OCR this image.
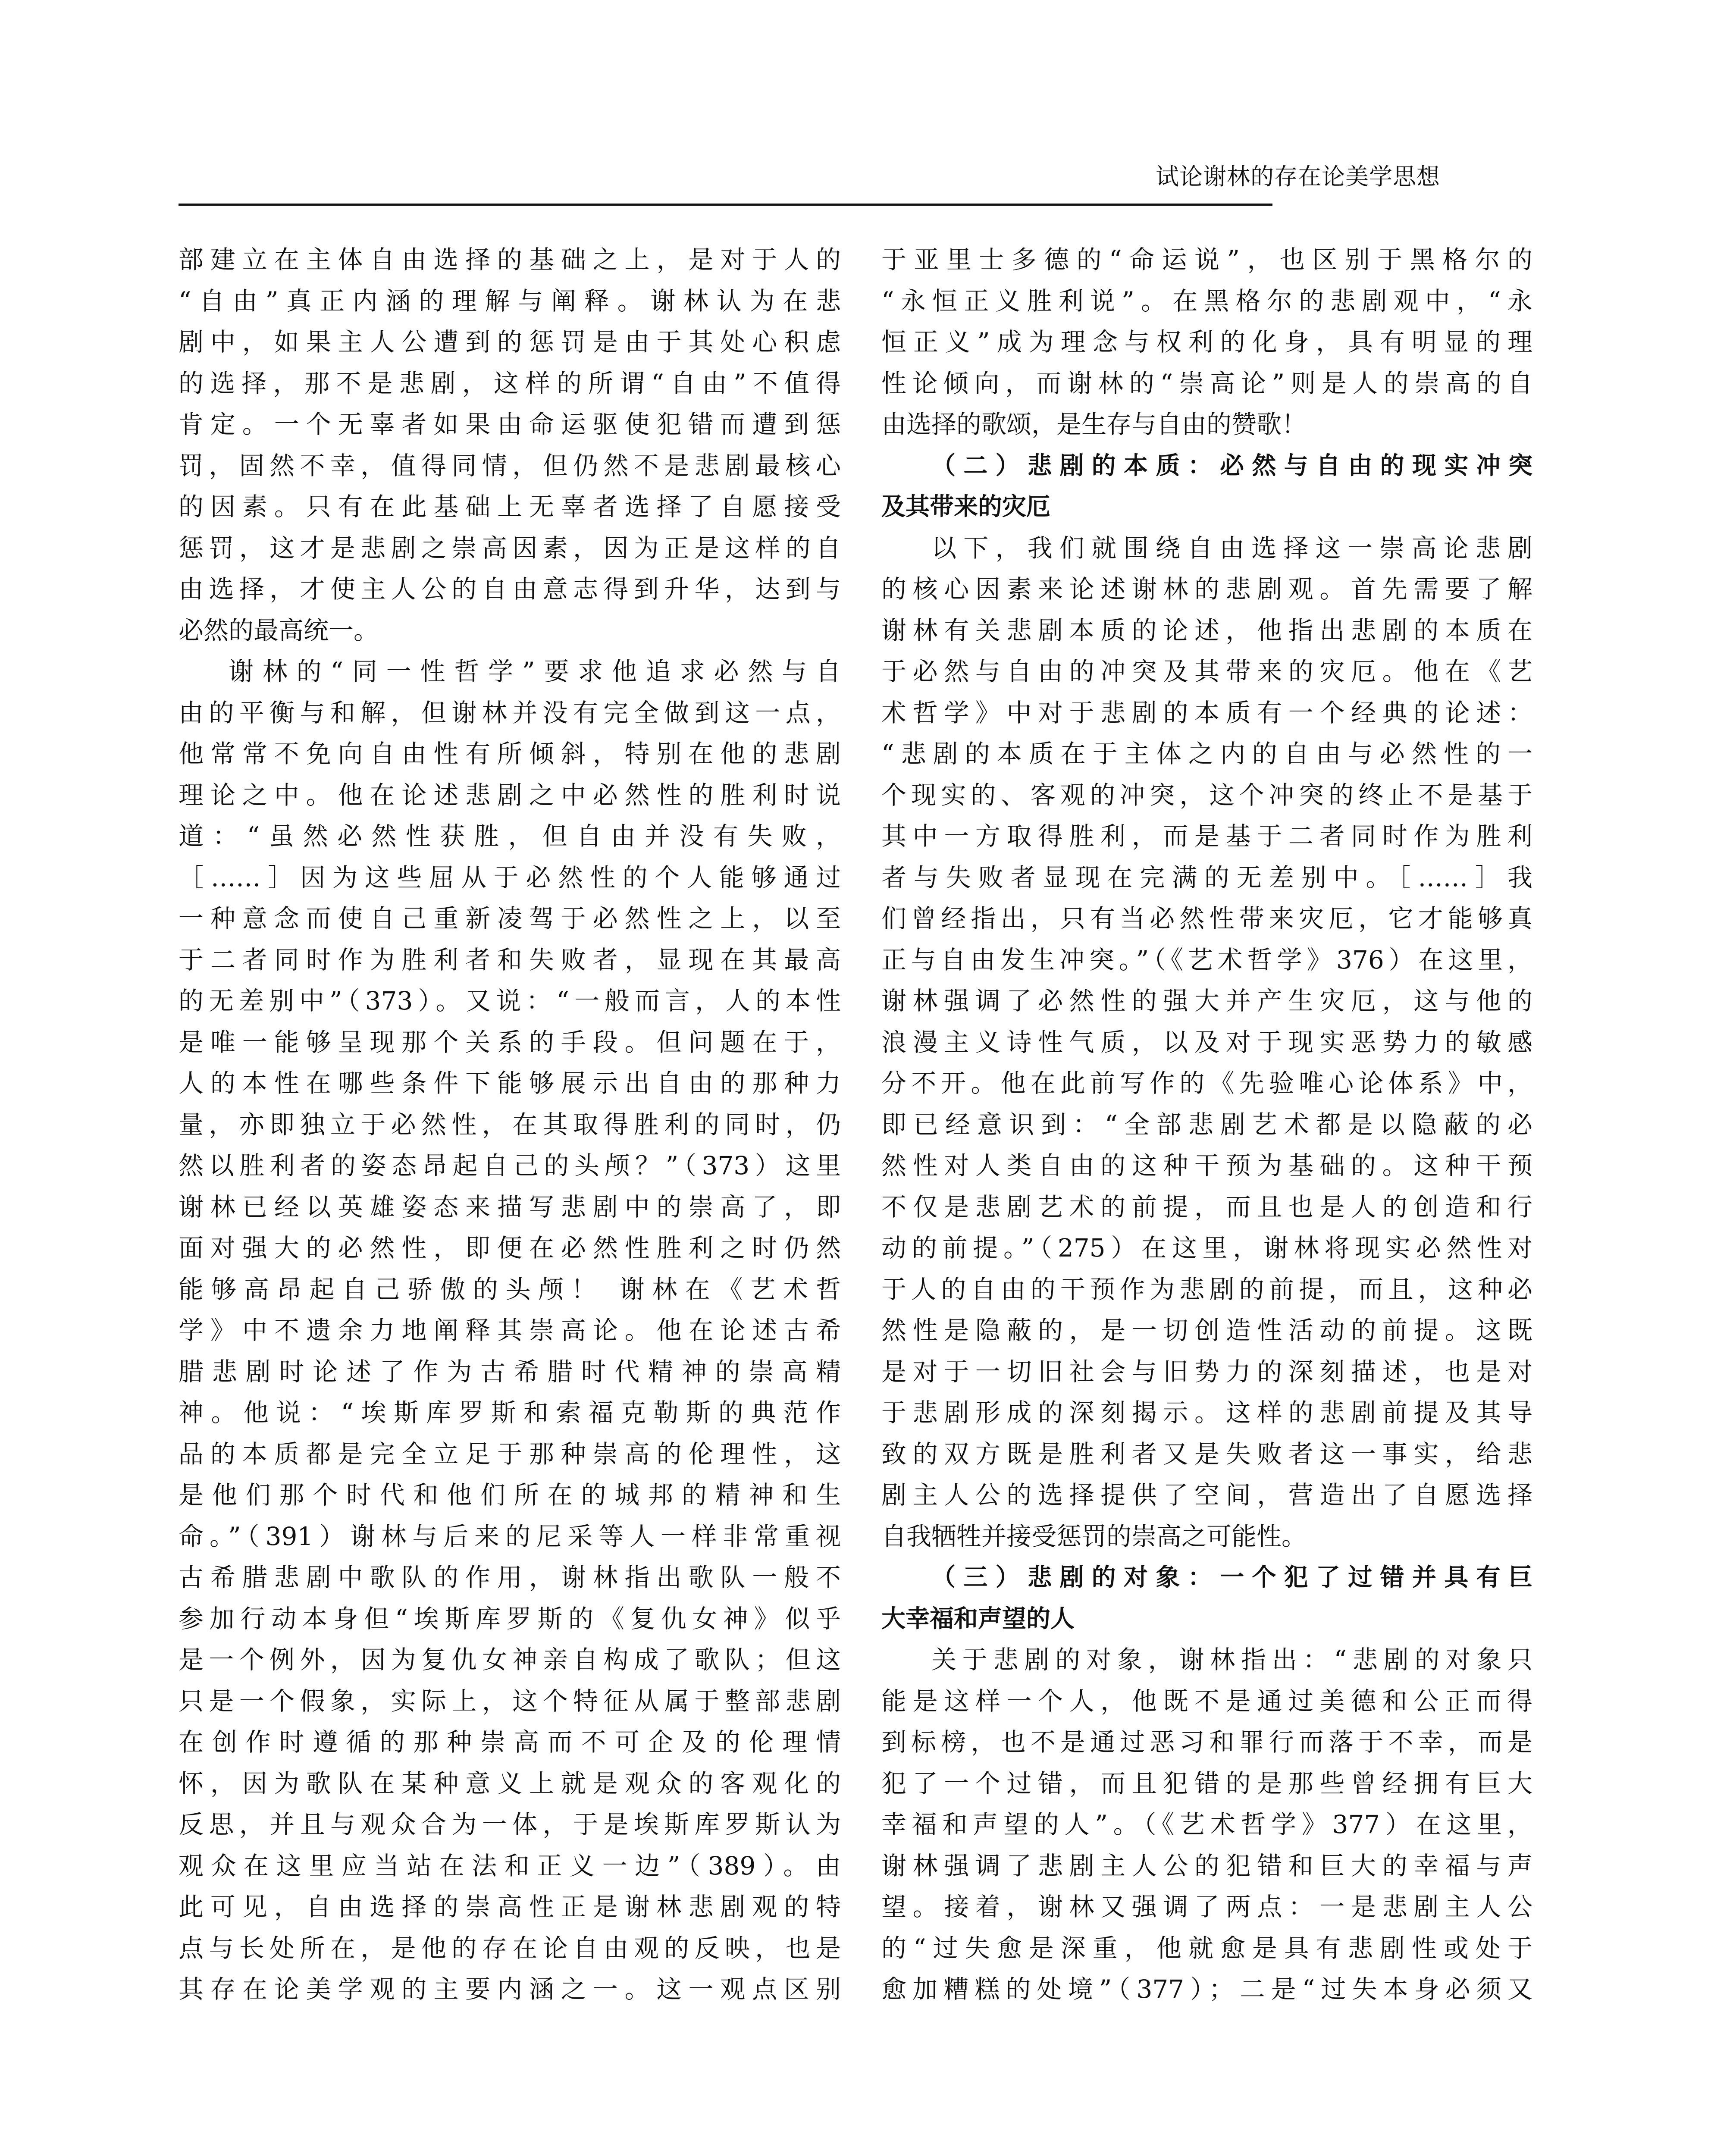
试论谢林的存在论美学思想
部建立在主体自由选择的基础之上，是对于人的
“自由”真正内涵的理解与阐释。谢林认为在悲
剧中，如果主人公遭到的惩罚是由于其处心积虑
的选择，那不是悲剧，这样的所谓“自由”不值得
肯定。一个无辜者如果由命运驱使犯错而遭到惩
罚，固然不幸，值得同情，但仍然不是悲剧最核心
的因素。只有在此基础上无辜者选择了自愿接受
惩罚，这才是悲剧之崇高因素，因为正是这样的自
由选择，才使主人公的自由意志得到升华，达到与
必然的最高统一。
谢林的“同一性哲学”要求他追求必然与自
由的平衡与和解，但谢林并没有完全做到这一点，
他常常不免向自由性有所倾斜，特别在他的悲剧
理论之中。他在论述悲剧之中必然性的胜利时说
道：“虽然必然性获胜，但自由并没有失败，
［……］因为这些屈从于必然性的个人能够通过
一种意念而使自己重新凌驾于必然性之上，以至
于二者同时作为胜利者和失败者，显现在其最高
的无差别中”（373）。又说：“一般而言，人的本性
是唯一能够呈现那个关系的手段。但问题在于，
人的本性在哪些条件下能够展示出自由的那种力
量，亦即独立于必然性，在其取得胜利的同时，仍
然以胜利者的姿态昂起自己的头颅？”（373）这里
谢林已经以英雄姿态来描写悲剧中的崇高了，即
面对强大的必然性，即便在必然性胜利之时仍然
能够高昂起自己骄傲的头颅！ 谢林在《艺术哲
学》中不遗余力地阐释其崇高论。他在论述古希
腊悲剧时论述了作为古希腊时代精神的崇高精
神。他说：“埃斯库罗斯和索福克勒斯的典范作
品的本质都是完全立足于那种崇高的伦理性，这
是他们那个时代和他们所在的城邦的精神和生
命。”（391）谢林与后来的尼采等人一样非常重视
古希腊悲剧中歌队的作用，谢林指出歌队一般不
参加行动本身但“埃斯库罗斯的《复仇女神》似乎
是一个例外，因为复仇女神亲自构成了歌队；但这
只是一个假象，实际上，这个特征从属于整部悲剧
在创作时遵循的那种崇高而不可企及的伦理情
怀，因为歌队在某种意义上就是观众的客观化的
反思，并且与观众合为一体，于是埃斯库罗斯认为
观众在这里应当站在法和正义一边”（389）。由
此可见，自由选择的崇高性正是谢林悲剧观的特
点与长处所在，是他的存在论自由观的反映，也是
其存在论美学观的主要内涵之一。这一观点区别
于亚里士多德的“命运说”，也区别于黑格尔的
“永恒正义胜利说”。在黑格尔的悲剧观中，“永
恒正义”成为理念与权利的化身，具有明显的理
性论倾向，而谢林的“崇高论”则是人的崇高的自
由选择的歌颂，是生存与自由的赞歌！
（二）悲剧的本质：必然与自由的现实冲突
及其带来的灾厄
以下，我们就围绕自由选择这一崇高论悲剧
的核心因素来论述谢林的悲剧观。首先需要了解
谢林有关悲剧本质的论述，他指出悲剧的本质在
于必然与自由的冲突及其带来的灾厄。他在《艺
术哲学》中对于悲剧的本质有一个经典的论述：
“悲剧的本质在于主体之内的自由与必然性的一
个现实的、客观的冲突，这个冲突的终止不是基于
其中一方取得胜利，而是基于二者同时作为胜利
者与失败者显现在完满的无差别中。［……］我
们曾经指出，只有当必然性带来灾厄，它才能够真
正与自由发生冲突。”（《艺术哲学》376）在这里，
谢林强调了必然性的强大并产生灾厄，这与他的
浪漫主义诗性气质，以及对于现实恶势力的敏感
分不开。他在此前写作的《先验唯心论体系》中，
即已经意识到：“全部悲剧艺术都是以隐蔽的必
然性对人类自由的这种干预为基础的。这种干预
不仅是悲剧艺术的前提，而且也是人的创造和行
动的前提。”（275）在这里，谢林将现实必然性对
于人的自由的干预作为悲剧的前提，而且，这种必
然性是隐蔽的，是一切创造性活动的前提。这既
是对于一切旧社会与旧势力的深刻描述，也是对
于悲剧形成的深刻揭示。这样的悲剧前提及其导
致的双方既是胜利者又是失败者这一事实，给悲
剧主人公的选择提供了空间，营造出了自愿选择
自我牺牲并接受惩罚的崇高之可能性。
（三）悲剧的对象：一个犯了过错并具有巨
大幸福和声望的人
关于悲剧的对象，谢林指出：“悲剧的对象只
能是这样一个人，他既不是通过美德和公正而得
到标榜，也不是通过恶习和罪行而落于不幸，而是
犯了一个过错，而且犯错的是那些曾经拥有巨大
幸福和声望的人”。（《艺术哲学》377）在这里，
谢林强调了悲剧主人公的犯错和巨大的幸福与声
望。接着，谢林又强调了两点：一是悲剧主人公
的“过失愈是深重，他就愈是具有悲剧性或处于
愈加糟糕的处境”（377）；二是“过失本身必须又
